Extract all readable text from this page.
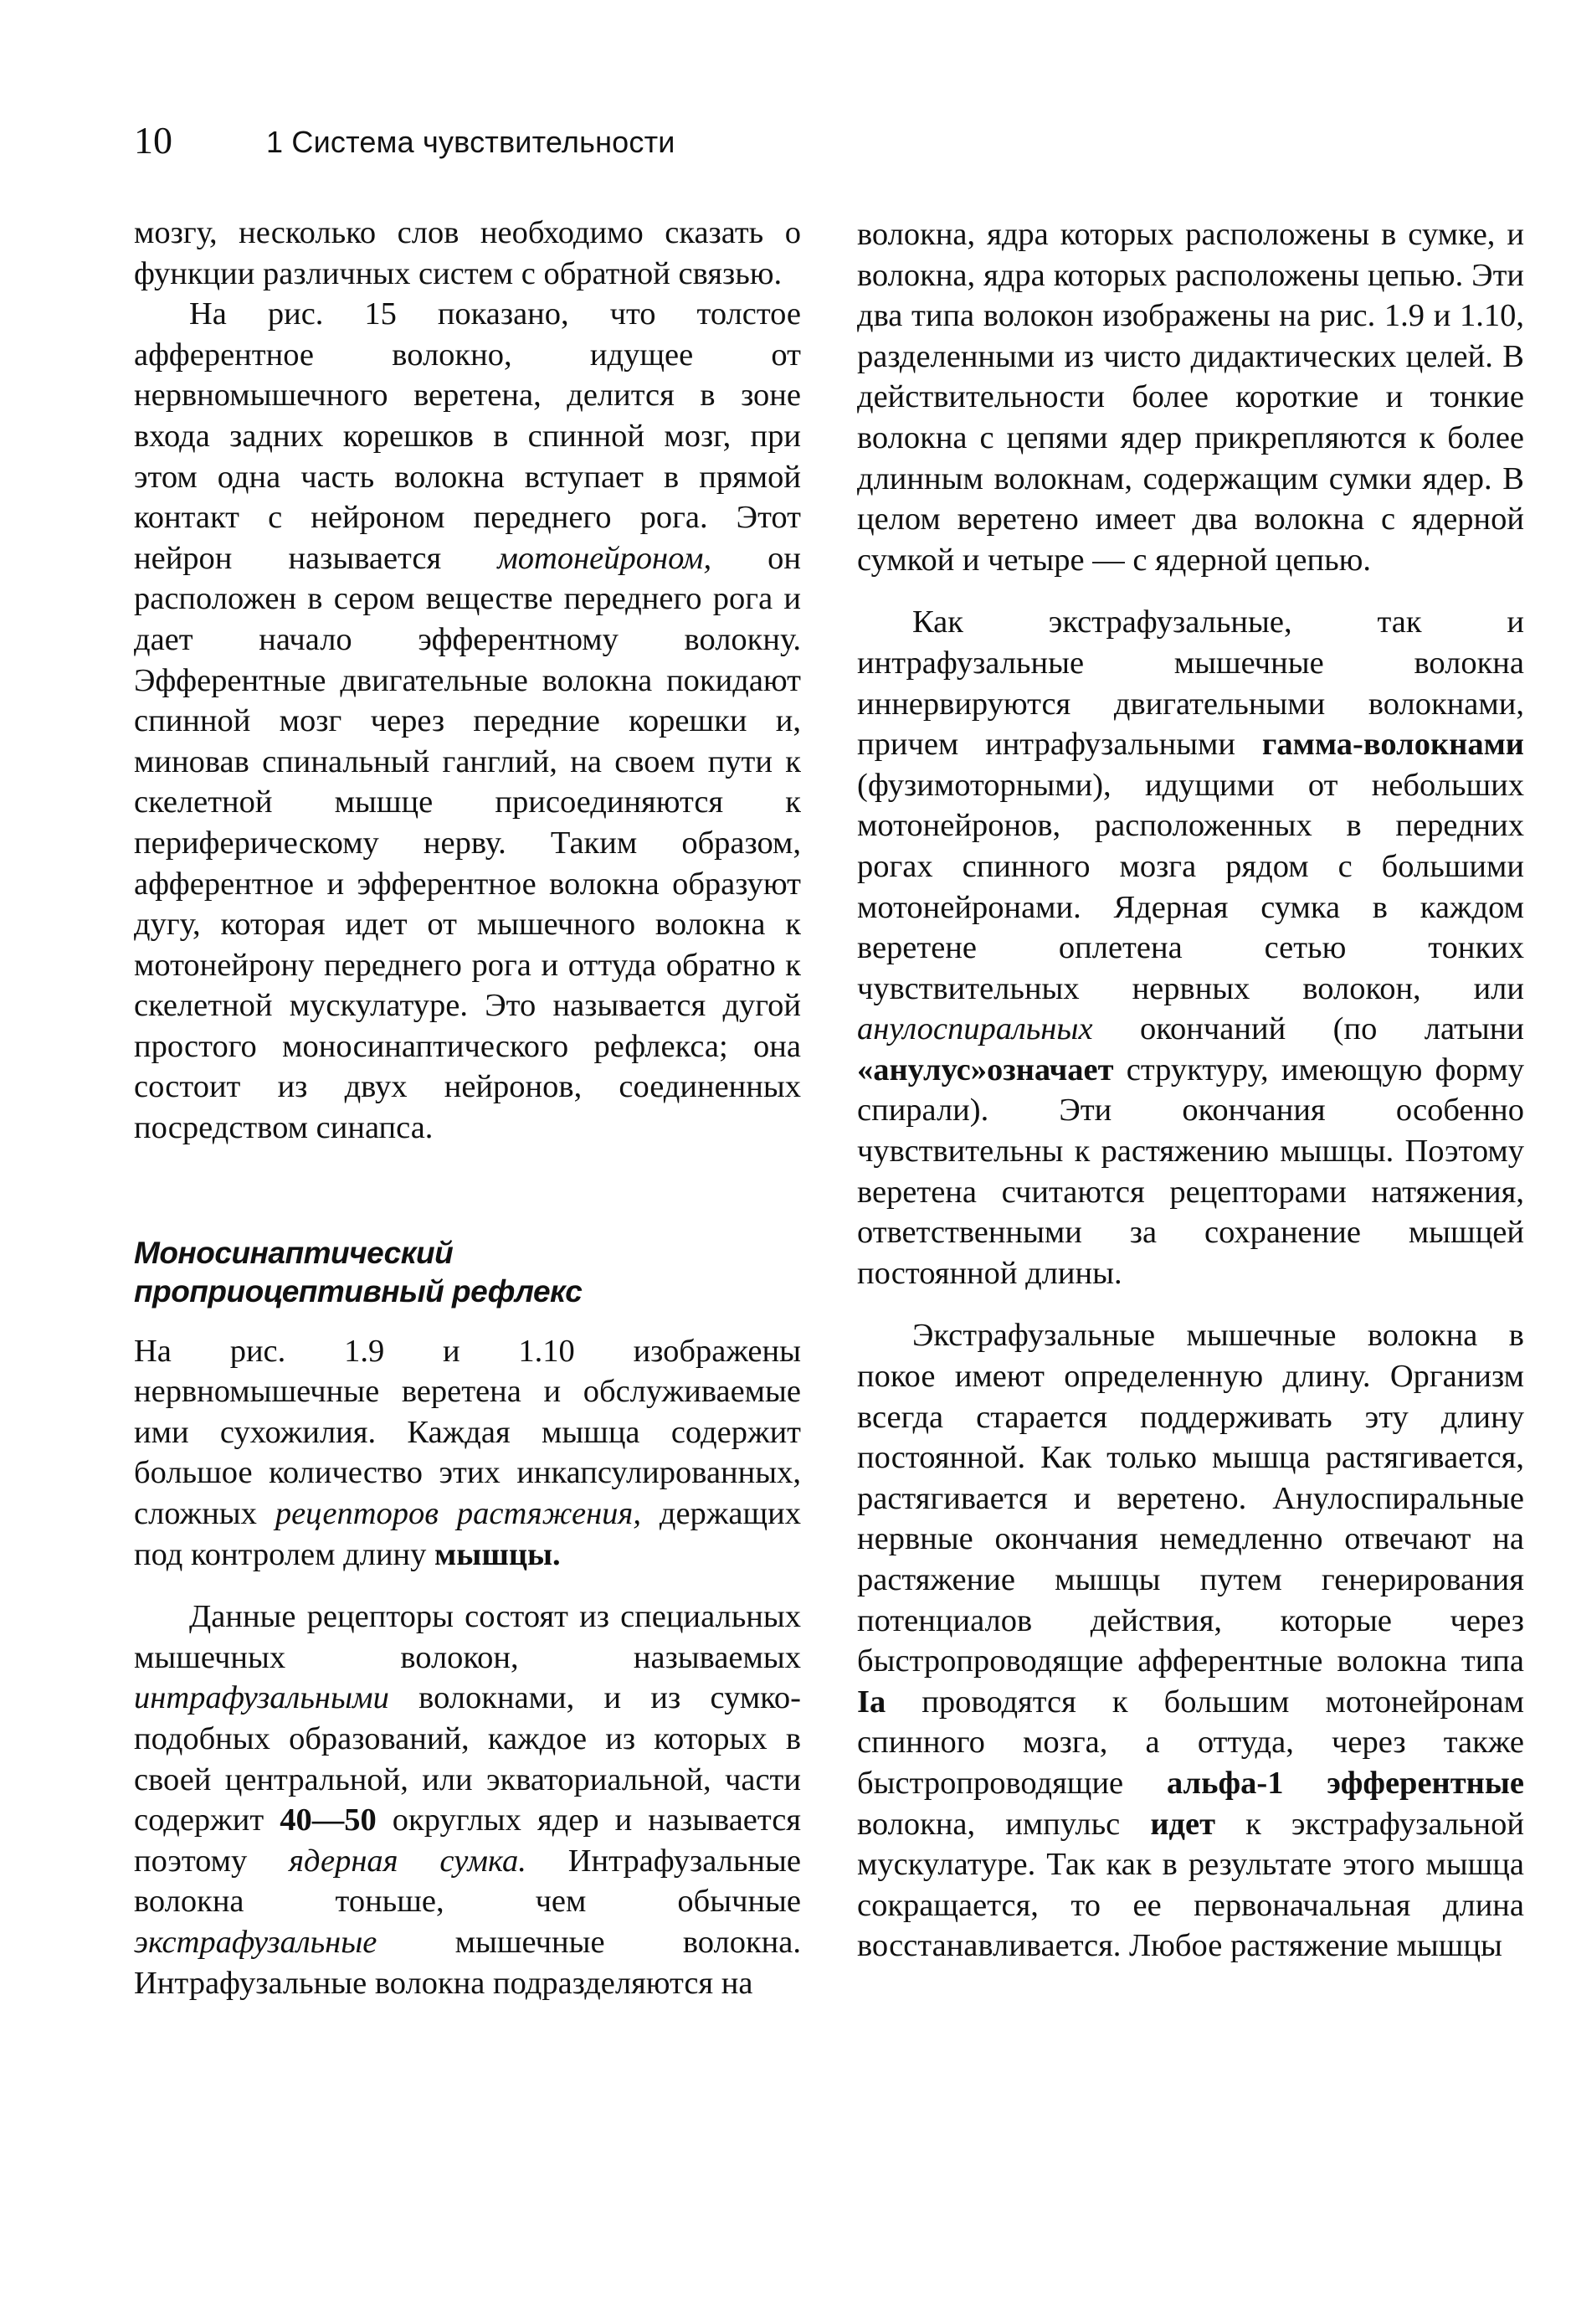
10	1 Система чувствительности

мозгу, несколько слов необходимо сказать о функции различных систем с обратной связью.

На рис. 15 показано, что толстое афферентное волокно, идущее от нервномышечного веретена, делится в зоне входа задних корешков в спинной мозг, при этом одна часть волокна вступает в прямой контакт с нейроном переднего рога. Этот нейрон называется мотонейроном, он расположен в сером веществе переднего рога и дает начало эфферентному волокну. Эфферентные двигательные волокна покидают спинной мозг через передние корешки и, миновав спинальный ганглий, на своем пути к скелетной мышце присоединяются к периферическому нерву. Таким образом, афферентное и эфферентное волокна образуют дугу, которая идет от мышечного волокна к мотонейрону переднего рога и оттуда обратно к скелетной мускулатуре. Это называется дугой простого моносинаптического рефлекса; она состоит из двух нейронов, соединенных посредством синапса.

Моносинаптический
проприоцептивный рефлекс

На рис. 1.9 и 1.10 изображены нервномышечные веретена и обслуживаемые ими сухожилия. Каждая мышца содержит большое количество этих инкапсулированных, сложных рецепторов растяжения, держащих под контролем длину мышцы.

Данные рецепторы состоят из специальных мышечных волокон, называемых интрафузальными волокнами, и из сумко-подобных образований, каждое из которых в своей центральной, или экваториальной, части содержит 40—50 округлых ядер и называется поэтому ядерная сумка. Интрафузальные волокна тоньше, чем обычные экстрафузальные мышечные волокна. Интрафузальные волокна подразделяются на

волокна, ядра которых расположены в сумке, и волокна, ядра которых расположены цепью. Эти два типа волокон изображены на рис. 1.9 и 1.10, разделенными из чисто дидактических целей. В действительности более короткие и тонкие волокна с цепями ядер прикрепляются к более длинным волокнам, содержащим сумки ядер. В целом веретено имеет два волокна с ядерной сумкой и четыре — с ядерной цепью.

Как экстрафузальные, так и интрафузальные мышечные волокна иннервируются двигательными волокнами, причем интрафузальными гамма-волокнами (фузимоторными), идущими от небольших мотонейронов, расположенных в передних рогах спинного мозга рядом с большими мотонейронами. Ядерная сумка в каждом веретене оплетена сетью тонких чувствительных нервных волокон, или анулоспиральных окончаний (по латыни «анулус»означает структуру, имеющую форму спирали). Эти окончания особенно чувствительны к растяжению мышцы. Поэтому веретена считаются рецепторами натяжения, ответственными за сохранение мышцей постоянной длины.

Экстрафузальные мышечные волокна в покое имеют определенную длину. Организм всегда старается поддерживать эту длину постоянной. Как только мышца растягивается, растягивается и веретено. Анулоспиральные нервные окончания немедленно отвечают на растяжение мышцы путем генерирования потенциалов действия, которые через быстропроводящие афферентные волокна типа Ia проводятся к большим мотонейронам спинного мозга, а оттуда, через также быстропроводящие альфа-1 эфферентные волокна, импульс идет к экстрафузальной мускулатуре. Так как в результате этого мышца сокращается, то ее первоначальная длина восстанавливается. Любое растяжение мышцы
